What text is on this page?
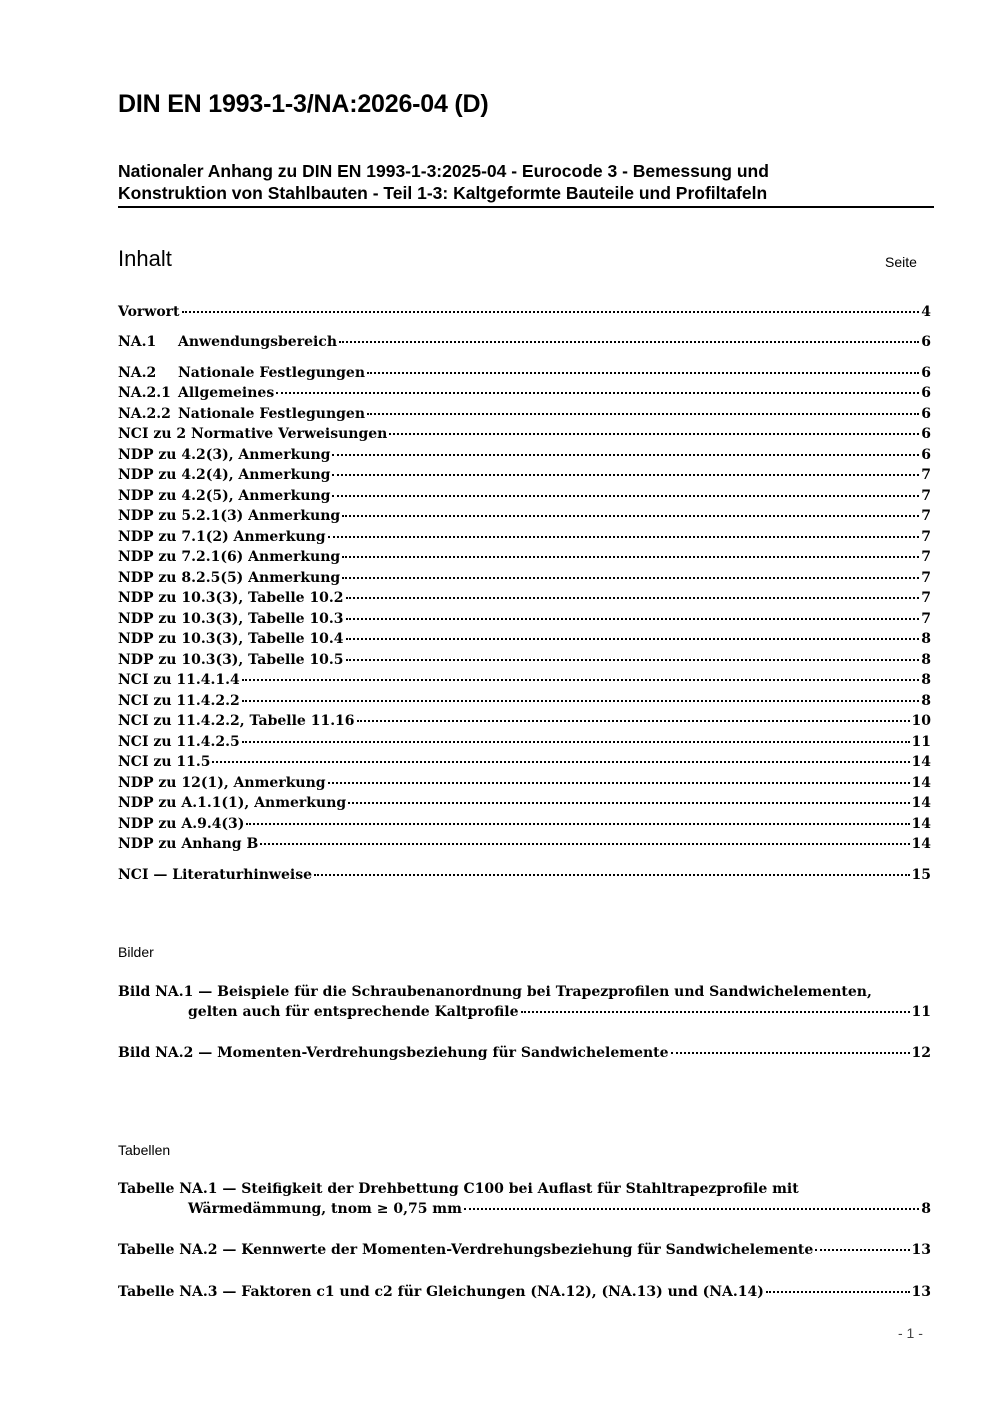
DIN EN 1993-1-3/NA:2026-04 (D)
Nationaler Anhang zu DIN EN 1993-1-3:2025-04 - Eurocode 3 - Bemessung und
Konstruktion von Stahlbauten - Teil 1-3: Kaltgeformte Bauteile und Profiltafeln
Inhalt	Seite
Vorwort	4
NA.1	Anwendungsbereich	6
NA.2	Nationale Festlegungen	6
NA.2.1 Allgemeines	6
NA.2.2 Nationale Festlegungen	6
NCI zu 2 Normative Verweisungen	6
NDP zu 4.2(3), Anmerkung	6
NDP zu 4.2(4), Anmerkung	7
NDP zu 4.2(5), Anmerkung	7
NDP zu 5.2.1(3) Anmerkung	7
NDP zu 7.1(2) Anmerkung	7
NDP zu 7.2.1(6) Anmerkung	7
NDP zu 8.2.5(5) Anmerkung	7
NDP zu 10.3(3), Tabelle 10.2	7
NDP zu 10.3(3), Tabelle 10.3	7
NDP zu 10.3(3), Tabelle 10.4	8
NDP zu 10.3(3), Tabelle 10.5	8
NCI zu 11.4.1.4	8
NCI zu 11.4.2.2	8
NCI zu 11.4.2.2, Tabelle 11.16	10
NCI zu 11.4.2.5	11
NCI zu 11.5	14
NDP zu 12(1), Anmerkung	14
NDP zu A.1.1(1), Anmerkung	14
NDP zu A.9.4(3)	14
NDP zu Anhang B	14
NCI — Literaturhinweise	15
Bilder
Bild NA.1 — Beispiele für die Schraubenanordnung bei Trapezprofilen und Sandwichelementen,
gelten auch für entsprechende Kaltprofile	11
Bild NA.2 — Momenten-Verdrehungsbeziehung für Sandwichelemente	12
Tabellen
Tabelle NA.1 — Steifigkeit der Drehbettung C100 bei Auflast für Stahltrapezprofile mit
Wärmedämmung, tnom ≥ 0,75 mm	8
Tabelle NA.2 — Kennwerte der Momenten-Verdrehungsbeziehung für Sandwichelemente	13
Tabelle NA.3 — Faktoren c1 und c2 für Gleichungen (NA.12), (NA.13) und (NA.14)	13
- 1 -
